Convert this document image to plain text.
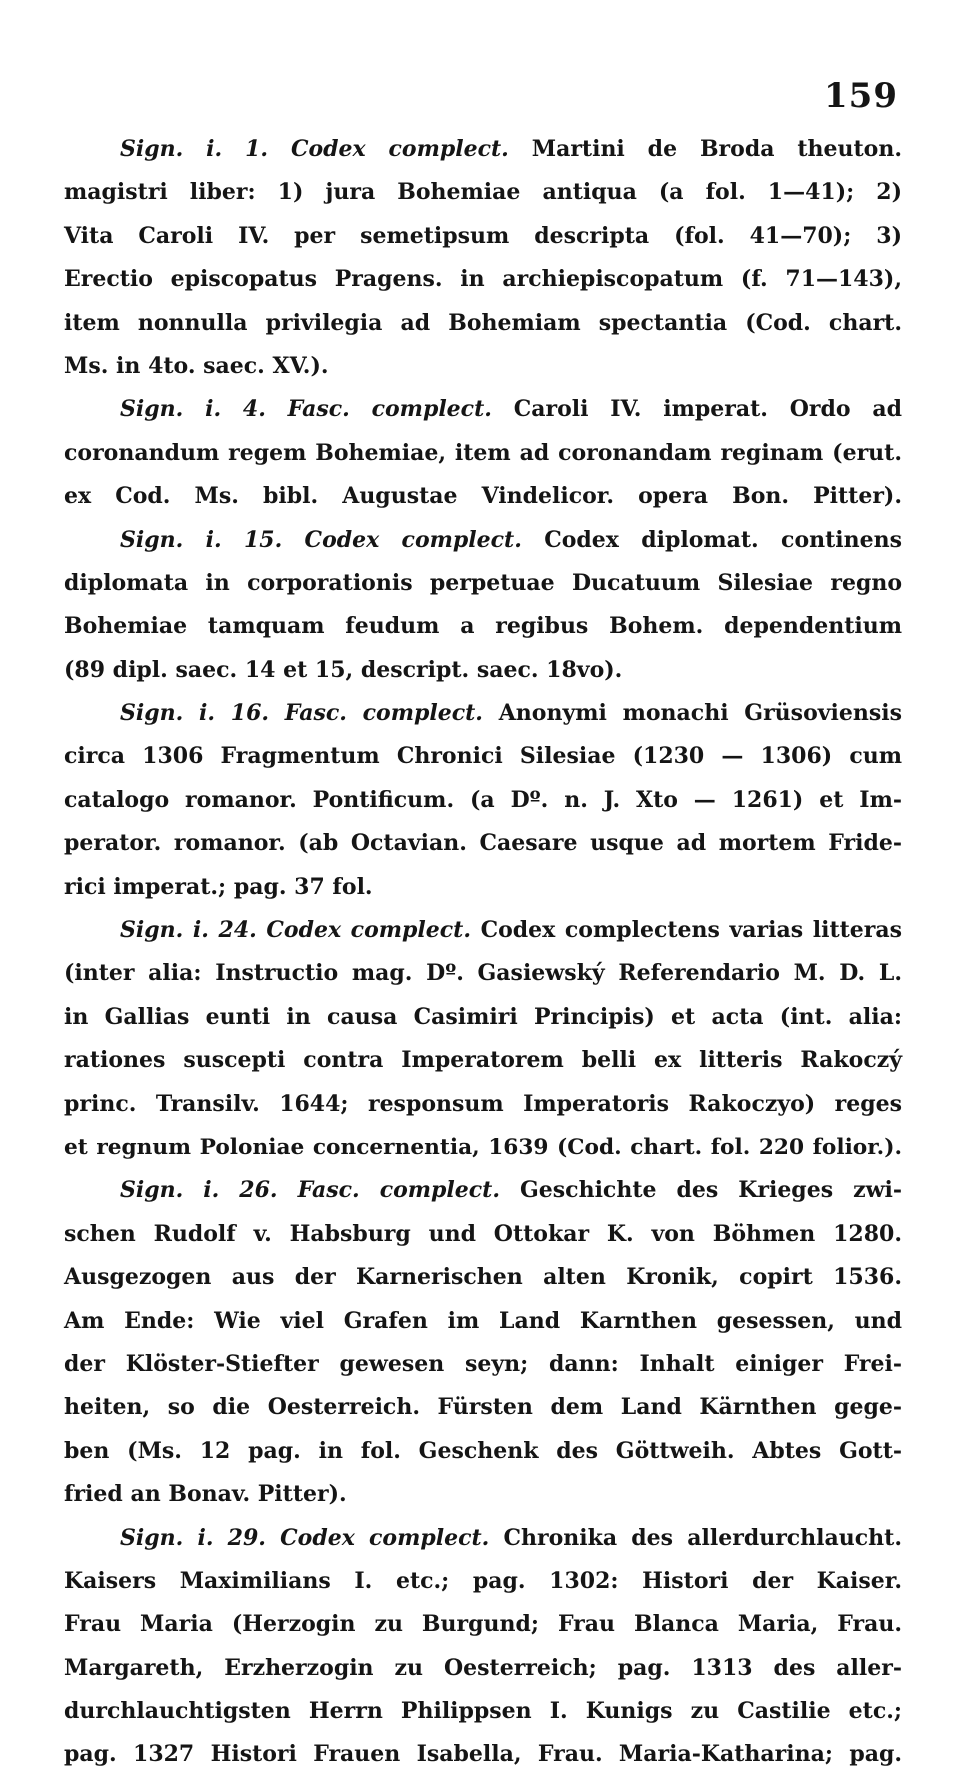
159
Sign. i. 1. Codex complect. Martini de Broda theuton.
magistri liber: 1) jura Bohemiae antiqua (a fol. 1—41); 2)
Vita Caroli IV. per semetipsum descripta (fol. 41—70); 3)
Erectio episcopatus Pragens. in archiepiscopatum (f. 71—143),
item nonnulla privilegia ad Bohemiam spectantia (Cod. chart.
Ms. in 4to. saec. XV.).
Sign. i. 4. Fasc. complect. Caroli IV. imperat. Ordo ad
coronandum regem Bohemiae, item ad coronandam reginam (erut.
ex Cod. Ms. bibl. Augustae Vindelicor. opera Bon. Pitter).
Sign. i. 15. Codex complect. Codex diplomat. continens
diplomata in corporationis perpetuae Ducatuum Silesiae regno
Bohemiae tamquam feudum a regibus Bohem. dependentium
(89 dipl. saec. 14 et 15, descript. saec. 18vo).
Sign. i. 16. Fasc. complect. Anonymi monachi Grüsoviensis
circa 1306 Fragmentum Chronici Silesiae (1230 — 1306) cum
catalogo romanor. Pontificum. (a Dº. n. J. Xto — 1261) et Im-
perator. romanor. (ab Octavian. Caesare usque ad mortem Fride-
rici imperat.; pag. 37 fol.
Sign. i. 24. Codex complect. Codex complectens varias litteras
(inter alia: Instructio mag. Dº. Gasiewský Referendario M. D. L.
in Gallias eunti in causa Casimiri Principis) et acta (int. alia:
rationes suscepti contra Imperatorem belli ex litteris Rakoczý
princ. Transilv. 1644; responsum Imperatoris Rakoczyo) reges
et regnum Poloniae concernentia, 1639 (Cod. chart. fol. 220 folior.).
Sign. i. 26. Fasc. complect. Geschichte des Krieges zwi-
schen Rudolf v. Habsburg und Ottokar K. von Böhmen 1280.
Ausgezogen aus der Karnerischen alten Kronik, copirt 1536.
Am Ende: Wie viel Grafen im Land Karnthen gesessen, und
der Klöster-Stiefter gewesen seyn; dann: Inhalt einiger Frei-
heiten, so die Oesterreich. Fürsten dem Land Kärnthen gege-
ben (Ms. 12 pag. in fol. Geschenk des Göttweih. Abtes Gott-
fried an Bonav. Pitter).
Sign. i. 29. Codex complect. Chronika des allerdurchlaucht.
Kaisers Maximilians I. etc.; pag. 1302: Histori der Kaiser.
Frau Maria (Herzogin zu Burgund; Frau Blanca Maria, Frau.
Margareth, Erzherzogin zu Oesterreich; pag. 1313 des aller-
durchlauchtigsten Herrn Philippsen I. Kunigs zu Castilie etc.;
pag. 1327 Histori Frauen Isabella, Frau. Maria-Katharina; pag.
